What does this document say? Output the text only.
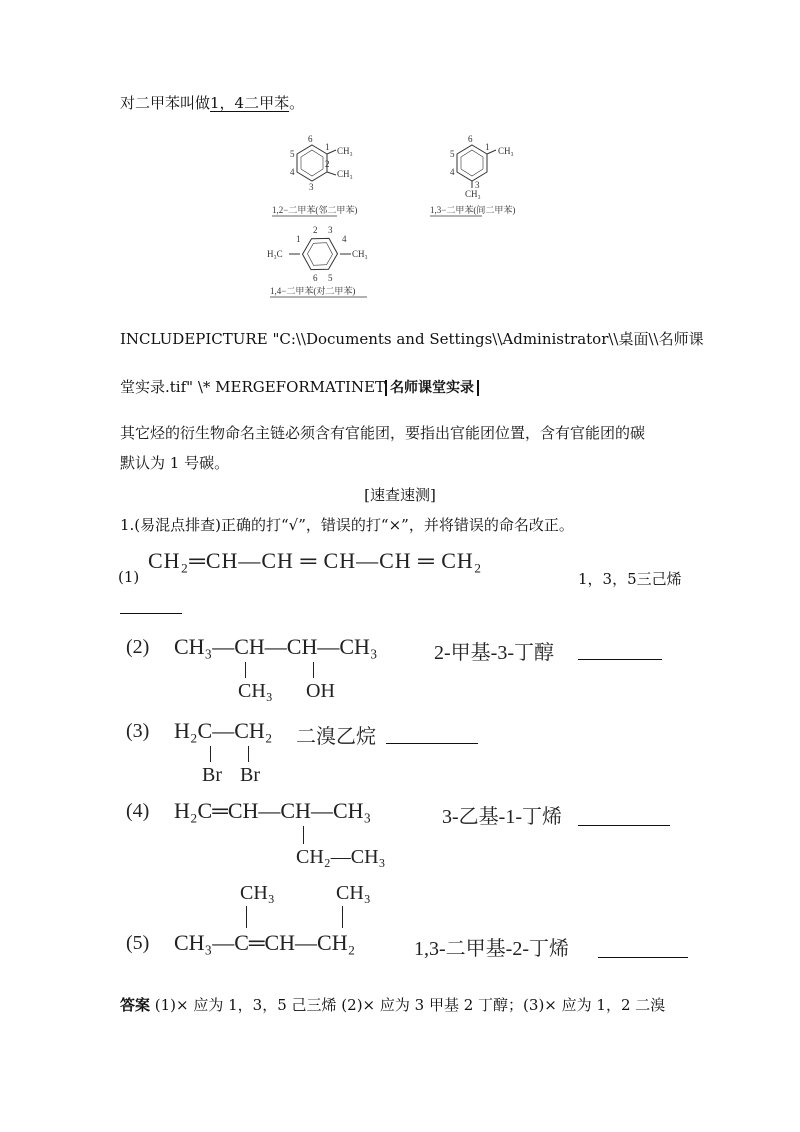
对二甲苯叫做1，4二甲苯。
CH₃
CH₃
6
1
2
3
4
5
1,2−二甲苯(邻二甲苯)
CH₃
CH₃
6
1
3
4
5
1,3−二甲苯(间二甲苯)
H₃C	CH₃
1
2 3
4
5
6
1,4−二甲苯(对二甲苯)
INCLUDEPICTURE "C:\\Documents and Settings\\Administrator\\桌面\\名师课
堂实录.tif" \* MERGEFORMATINET 名师课堂实录
其它烃的衍生物命名主链必须含有官能团，要指出官能团位置，含有官能团的碳
默认为 1 号碳。
[速查速测]
1.(易混点排查)正确的打“√”，错误的打“×”，并将错误的命名改正。
(1)
CH₂═CH—CH ═ CH—CH ═ CH₂
1，3，5三己烯
(2) CH₃—CH—CH—CH₃
CH₃ OH
2-甲基-3-丁醇
(3) H₂C—CH₂
Br Br
二溴乙烷
(4) H₂C═CH—CH—CH₃
CH₂—CH₃
3-乙基-1-丁烯
CH₃	CH₃
(5) CH₃—C═CH—CH₂	1,3-二甲基-2-丁烯
答案 (1)× 应为 1，3，5 己三烯 (2)× 应为 3 甲基 2 丁醇；(3)× 应为 1，2 二溴
